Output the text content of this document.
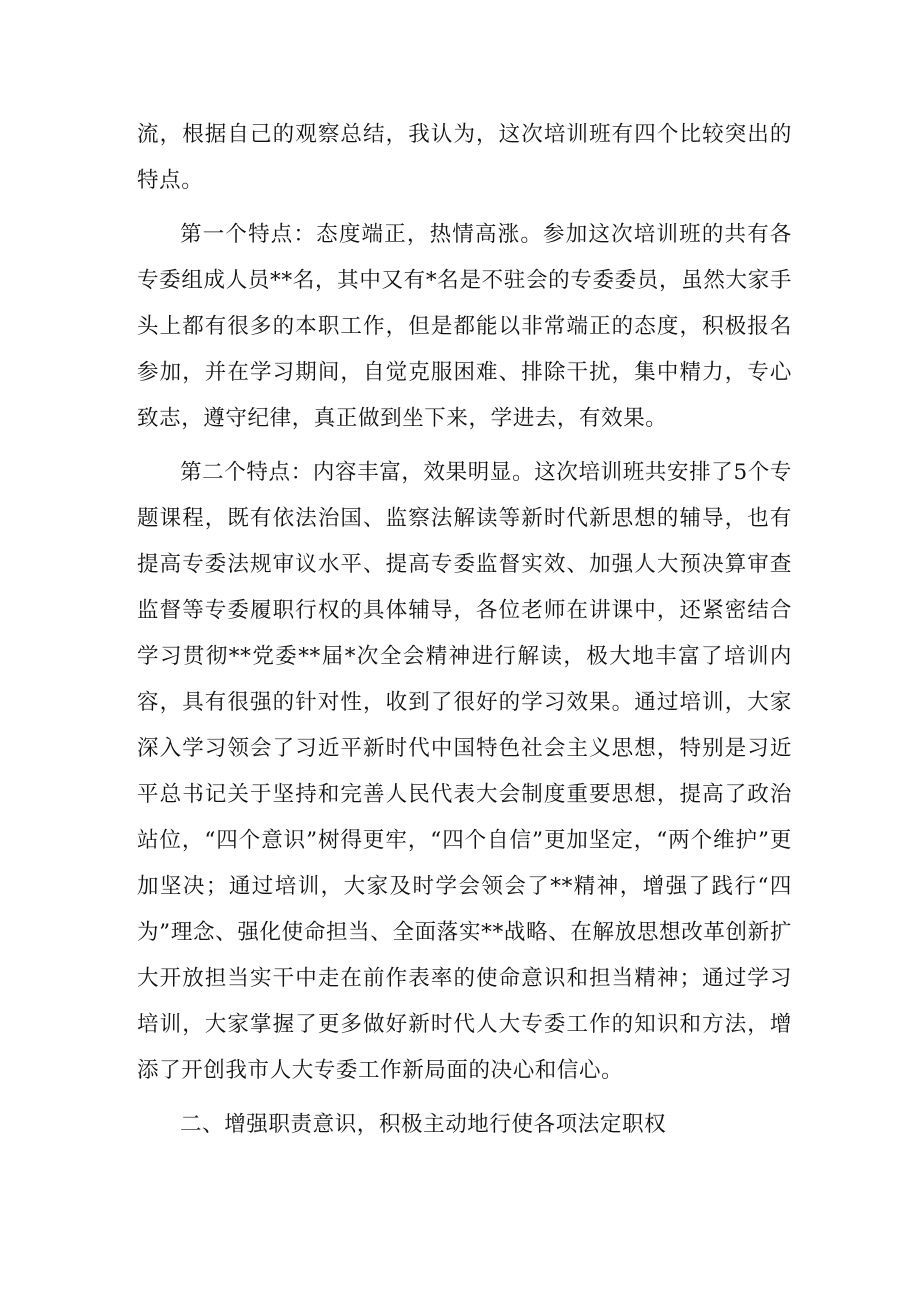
流，根据自己的观察总结，我认为，这次培训班有四个比较突出的特点。

第一个特点：态度端正，热情高涨。参加这次培训班的共有各专委组成人员**名，其中又有*名是不驻会的专委委员，虽然大家手头上都有很多的本职工作，但是都能以非常端正的态度，积极报名参加，并在学习期间，自觉克服困难、排除干扰，集中精力，专心致志，遵守纪律，真正做到坐下来，学进去，有效果。

第二个特点：内容丰富，效果明显。这次培训班共安排了5个专题课程，既有依法治国、监察法解读等新时代新思想的辅导，也有提高专委法规审议水平、提高专委监督实效、加强人大预决算审查监督等专委履职行权的具体辅导，各位老师在讲课中，还紧密结合学习贯彻**党委**届*次全会精神进行解读，极大地丰富了培训内容，具有很强的针对性，收到了很好的学习效果。通过培训，大家深入学习领会了习近平新时代中国特色社会主义思想，特别是习近平总书记关于坚持和完善人民代表大会制度重要思想，提高了政治站位，“四个意识”树得更牢，“四个自信”更加坚定，“两个维护”更加坚决；通过培训，大家及时学会领会了**精神，增强了践行“四为”理念、强化使命担当、全面落实**战略、在解放思想改革创新扩大开放担当实干中走在前作表率的使命意识和担当精神；通过学习培训，大家掌握了更多做好新时代人大专委工作的知识和方法，增添了开创我市人大专委工作新局面的决心和信心。

二、增强职责意识，积极主动地行使各项法定职权
